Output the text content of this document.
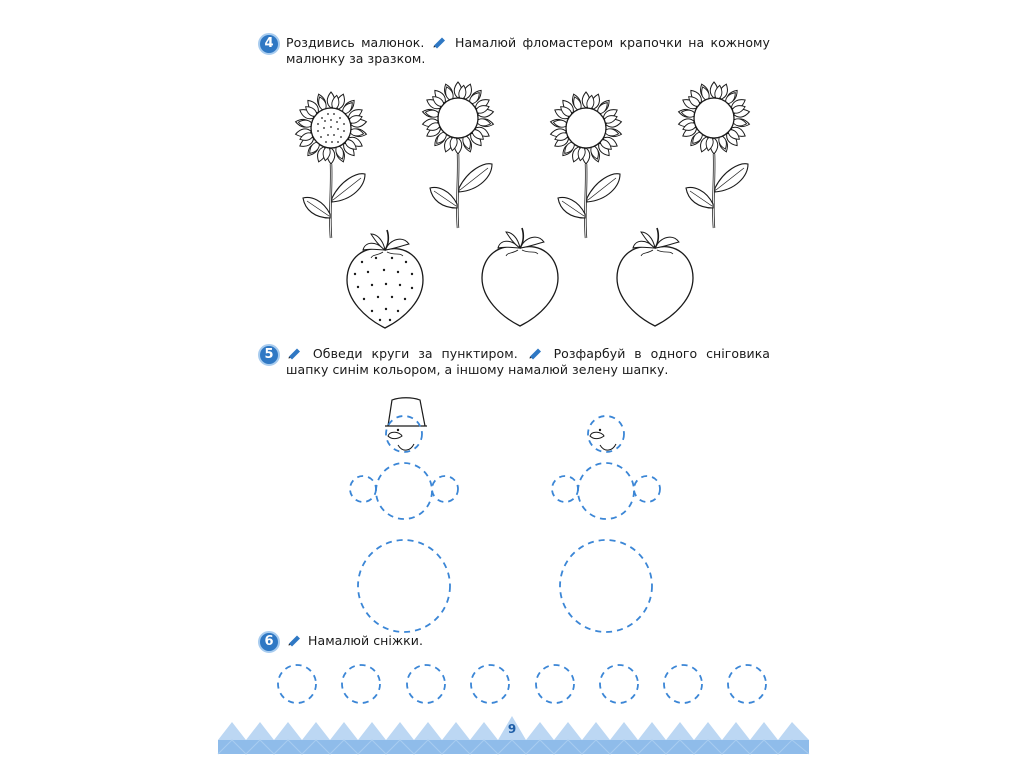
4 Роздивись малюнок. Намалюй фломастером крапочки на кожному малюнку за зразком.
5	Обведи круги за пунктиром.	Розфарбуй в одного сніговика шапку синім кольором, а іншому намалюй зелену шапку.
6	Намалюй сніжки.
9
